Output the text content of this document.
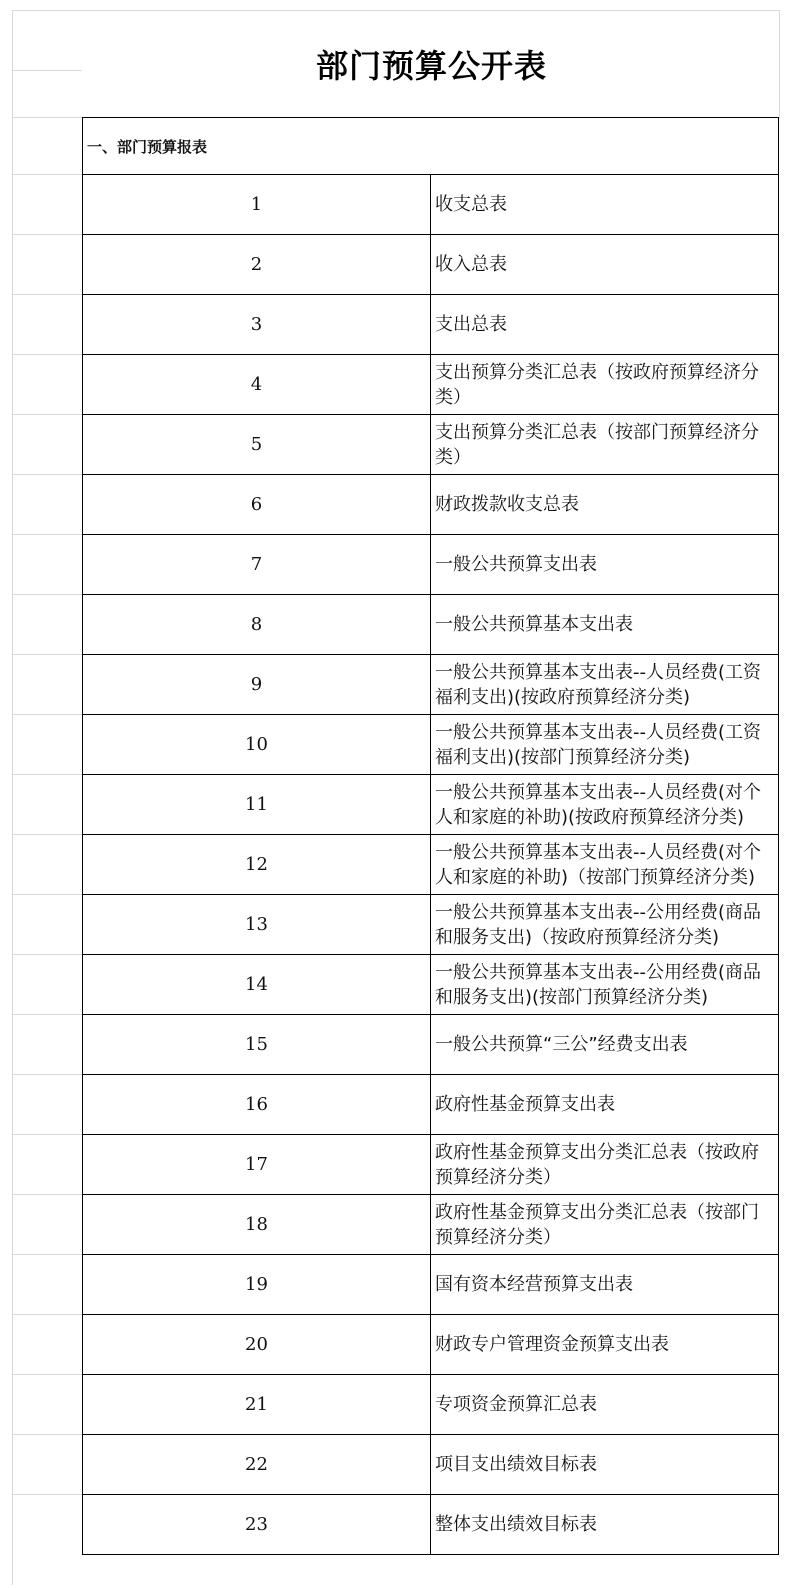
部门预算公开表
一、部门预算报表	
1	收支总表
2	收入总表
3	支出总表
4	支出预算分类汇总表（按政府预算经济分类）
5	支出预算分类汇总表（按部门预算经济分类）
6	财政拨款收支总表
7	一般公共预算支出表
8	一般公共预算基本支出表
9	一般公共预算基本支出表--人员经费(工资福利支出)(按政府预算经济分类)
10	一般公共预算基本支出表--人员经费(工资福利支出)(按部门预算经济分类)
11	一般公共预算基本支出表--人员经费(对个人和家庭的补助)(按政府预算经济分类)
12	一般公共预算基本支出表--人员经费(对个人和家庭的补助)（按部门预算经济分类)
13	一般公共预算基本支出表--公用经费(商品和服务支出)（按政府预算经济分类)
14	一般公共预算基本支出表--公用经费(商品和服务支出)(按部门预算经济分类)
15	一般公共预算“三公”经费支出表
16	政府性基金预算支出表
17	政府性基金预算支出分类汇总表（按政府预算经济分类）
18	政府性基金预算支出分类汇总表（按部门预算经济分类）
19	国有资本经营预算支出表
20	财政专户管理资金预算支出表
21	专项资金预算汇总表
22	项目支出绩效目标表
23	整体支出绩效目标表
